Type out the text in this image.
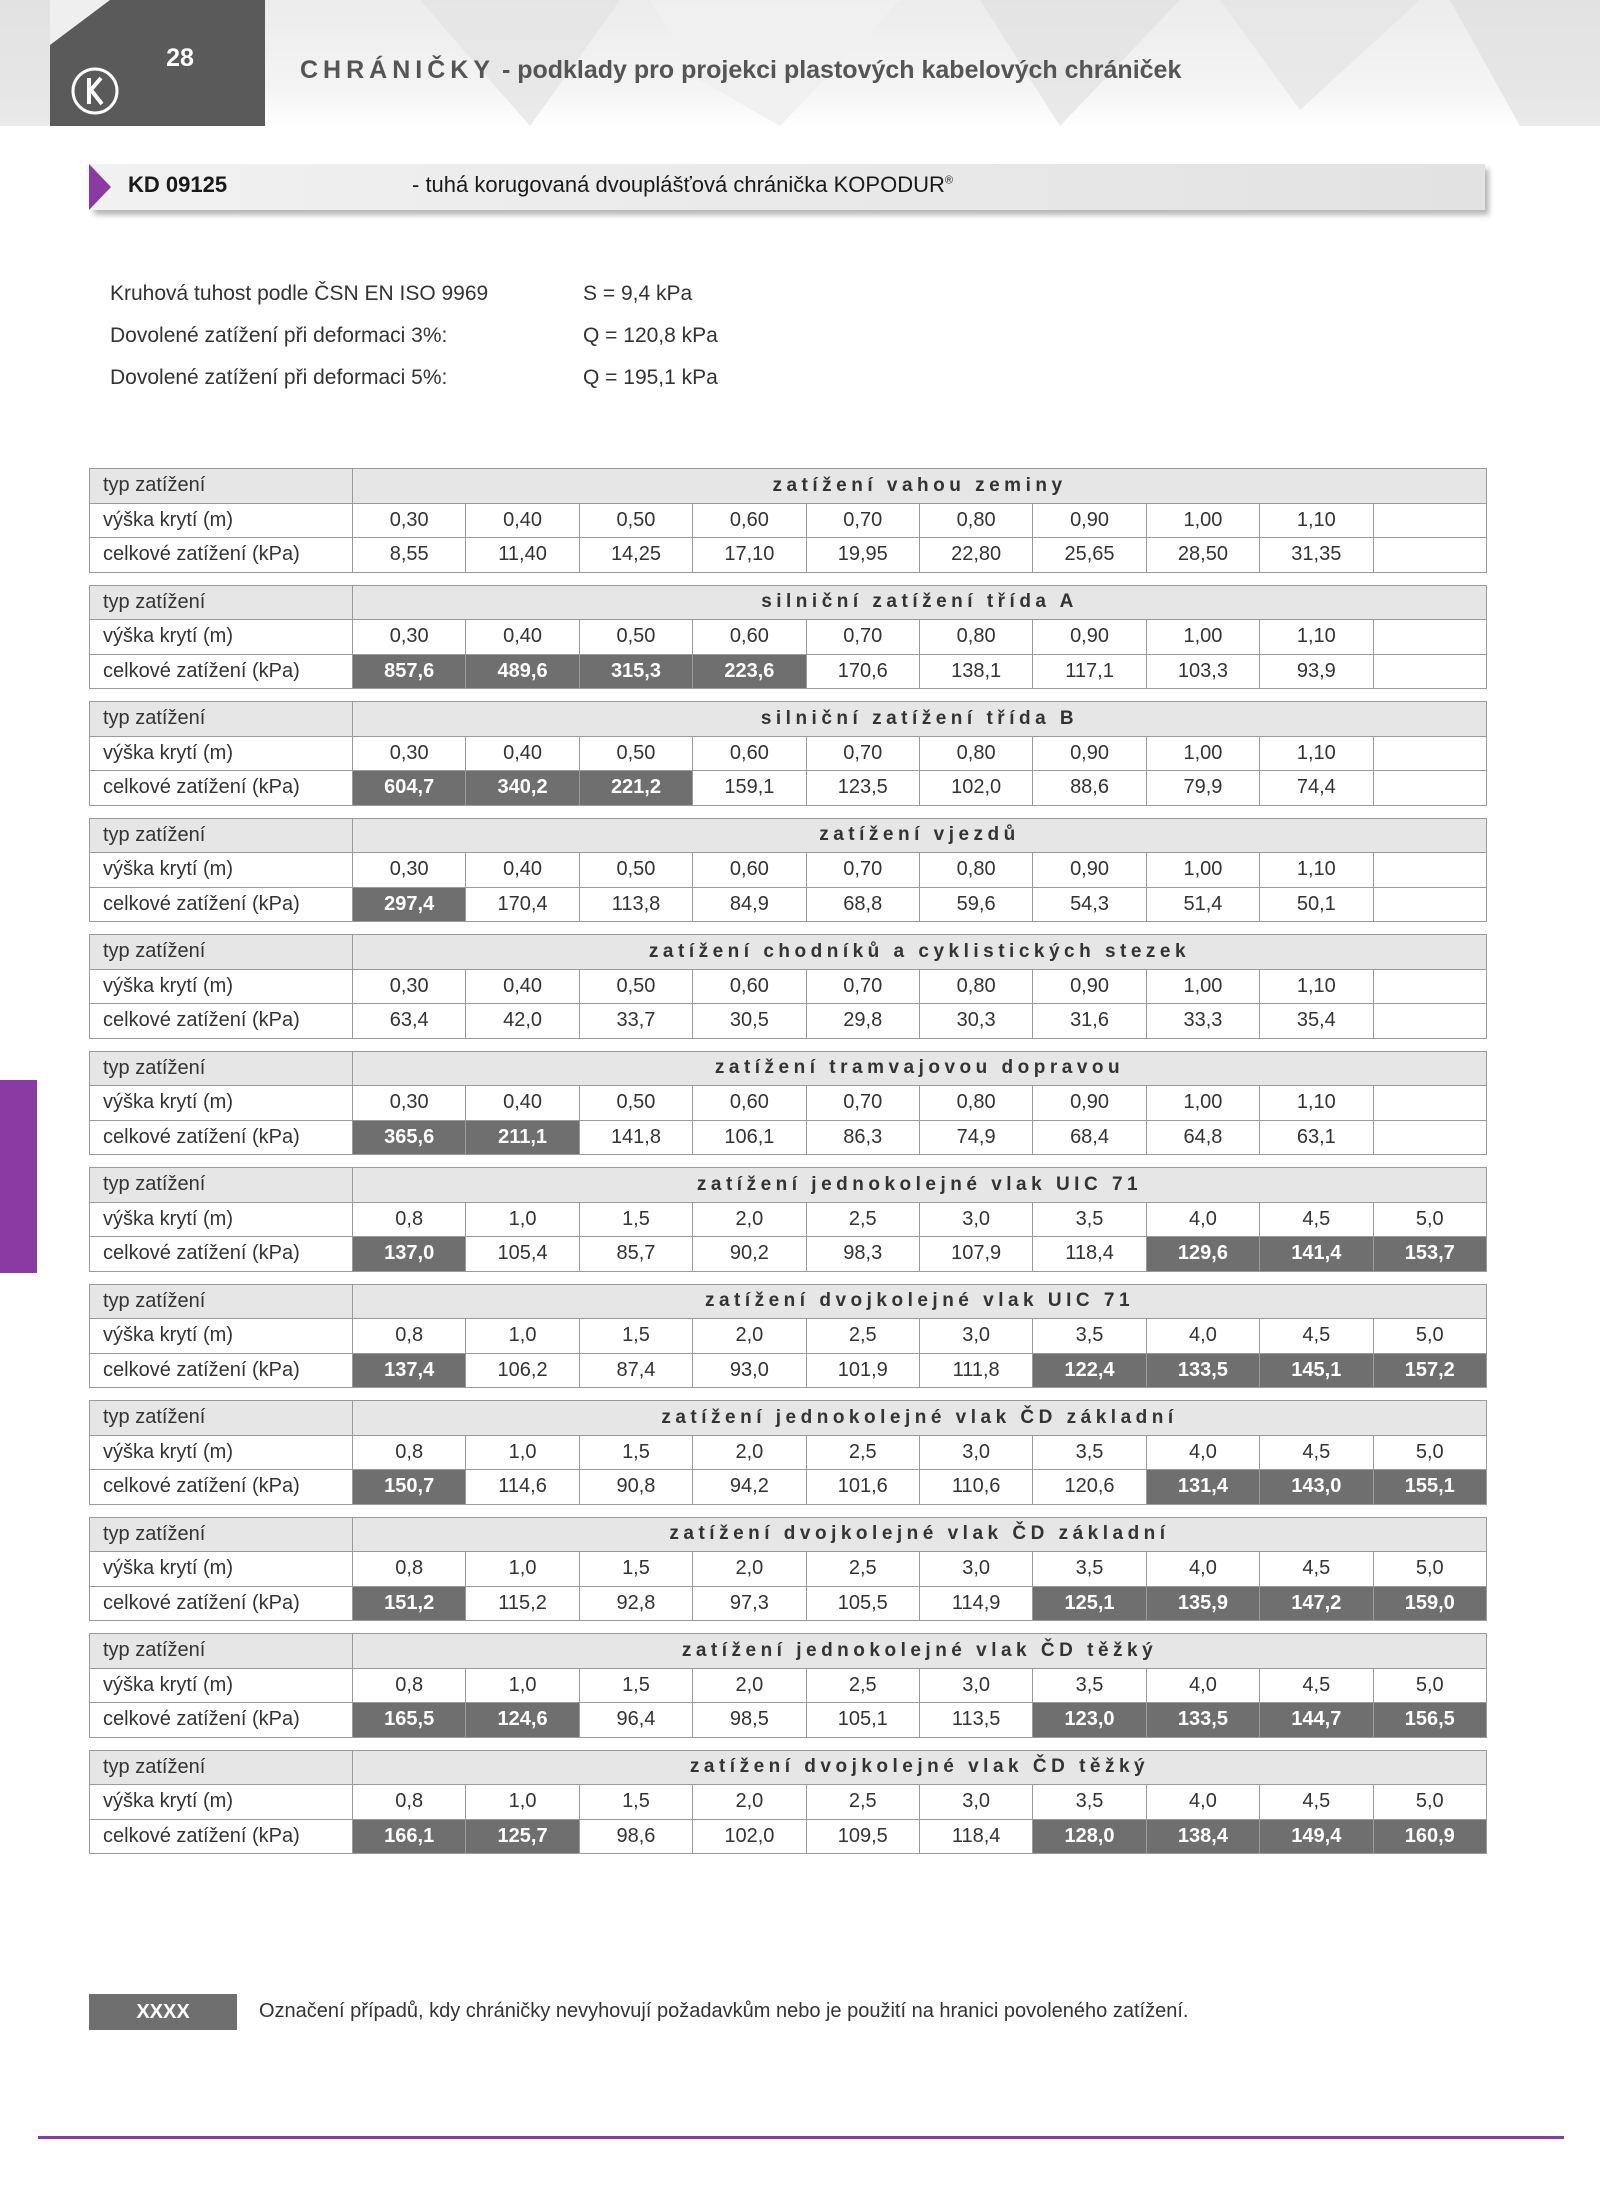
28	CHRÁNIČKY - podklady pro projekci plastových kabelových chrániček
KD 09125	- tuhá korugovaná dvouplášťová chránička KOPODUR®
Kruhová tuhost podle ČSN EN ISO 9969	S = 9,4 kPa
Dovolené zatížení při deformaci 3%:	Q = 120,8 kPa
Dovolené zatížení při deformaci 5%:	Q = 195,1 kPa
typ zatížení	zatížení vahou zeminy									
výška krytí (m)	0,30	0,40	0,50	0,60	0,70	0,80	0,90	1,00	1,10	
celkové zatížení (kPa)	8,55	11,40	14,25	17,10	19,95	22,80	25,65	28,50	31,35	
typ zatížení	silniční zatížení třída A									
výška krytí (m)	0,30	0,40	0,50	0,60	0,70	0,80	0,90	1,00	1,10	
celkové zatížení (kPa)	857,6	489,6	315,3	223,6	170,6	138,1	117,1	103,3	93,9	
typ zatížení	silniční zatížení třída B									
výška krytí (m)	0,30	0,40	0,50	0,60	0,70	0,80	0,90	1,00	1,10	
celkové zatížení (kPa)	604,7	340,2	221,2	159,1	123,5	102,0	88,6	79,9	74,4	
typ zatížení	zatížení vjezdů									
výška krytí (m)	0,30	0,40	0,50	0,60	0,70	0,80	0,90	1,00	1,10	
celkové zatížení (kPa)	297,4	170,4	113,8	84,9	68,8	59,6	54,3	51,4	50,1	
typ zatížení	zatížení chodníků a cyklistických stezek									
výška krytí (m)	0,30	0,40	0,50	0,60	0,70	0,80	0,90	1,00	1,10	
celkové zatížení (kPa)	63,4	42,0	33,7	30,5	29,8	30,3	31,6	33,3	35,4	
typ zatížení	zatížení tramvajovou dopravou									
výška krytí (m)	0,30	0,40	0,50	0,60	0,70	0,80	0,90	1,00	1,10	
celkové zatížení (kPa)	365,6	211,1	141,8	106,1	86,3	74,9	68,4	64,8	63,1	
typ zatížení	zatížení jednokolejné vlak UIC 71									
výška krytí (m)	0,8	1,0	1,5	2,0	2,5	3,0	3,5	4,0	4,5	5,0
celkové zatížení (kPa)	137,0	105,4	85,7	90,2	98,3	107,9	118,4	129,6	141,4	153,7
typ zatížení	zatížení dvojkolejné vlak UIC 71									
výška krytí (m)	0,8	1,0	1,5	2,0	2,5	3,0	3,5	4,0	4,5	5,0
celkové zatížení (kPa)	137,4	106,2	87,4	93,0	101,9	111,8	122,4	133,5	145,1	157,2
typ zatížení	zatížení jednokolejné vlak ČD základní									
výška krytí (m)	0,8	1,0	1,5	2,0	2,5	3,0	3,5	4,0	4,5	5,0
celkové zatížení (kPa)	150,7	114,6	90,8	94,2	101,6	110,6	120,6	131,4	143,0	155,1
typ zatížení	zatížení dvojkolejné vlak ČD základní									
výška krytí (m)	0,8	1,0	1,5	2,0	2,5	3,0	3,5	4,0	4,5	5,0
celkové zatížení (kPa)	151,2	115,2	92,8	97,3	105,5	114,9	125,1	135,9	147,2	159,0
typ zatížení	zatížení jednokolejné vlak ČD těžký									
výška krytí (m)	0,8	1,0	1,5	2,0	2,5	3,0	3,5	4,0	4,5	5,0
celkové zatížení (kPa)	165,5	124,6	96,4	98,5	105,1	113,5	123,0	133,5	144,7	156,5
typ zatížení	zatížení dvojkolejné vlak ČD těžký									
výška krytí (m)	0,8	1,0	1,5	2,0	2,5	3,0	3,5	4,0	4,5	5,0
celkové zatížení (kPa)	166,1	125,7	98,6	102,0	109,5	118,4	128,0	138,4	149,4	160,9
XXXX	Označení případů, kdy chráničky nevyhovují požadavkům nebo je použití na hranici povoleného zatížení.
